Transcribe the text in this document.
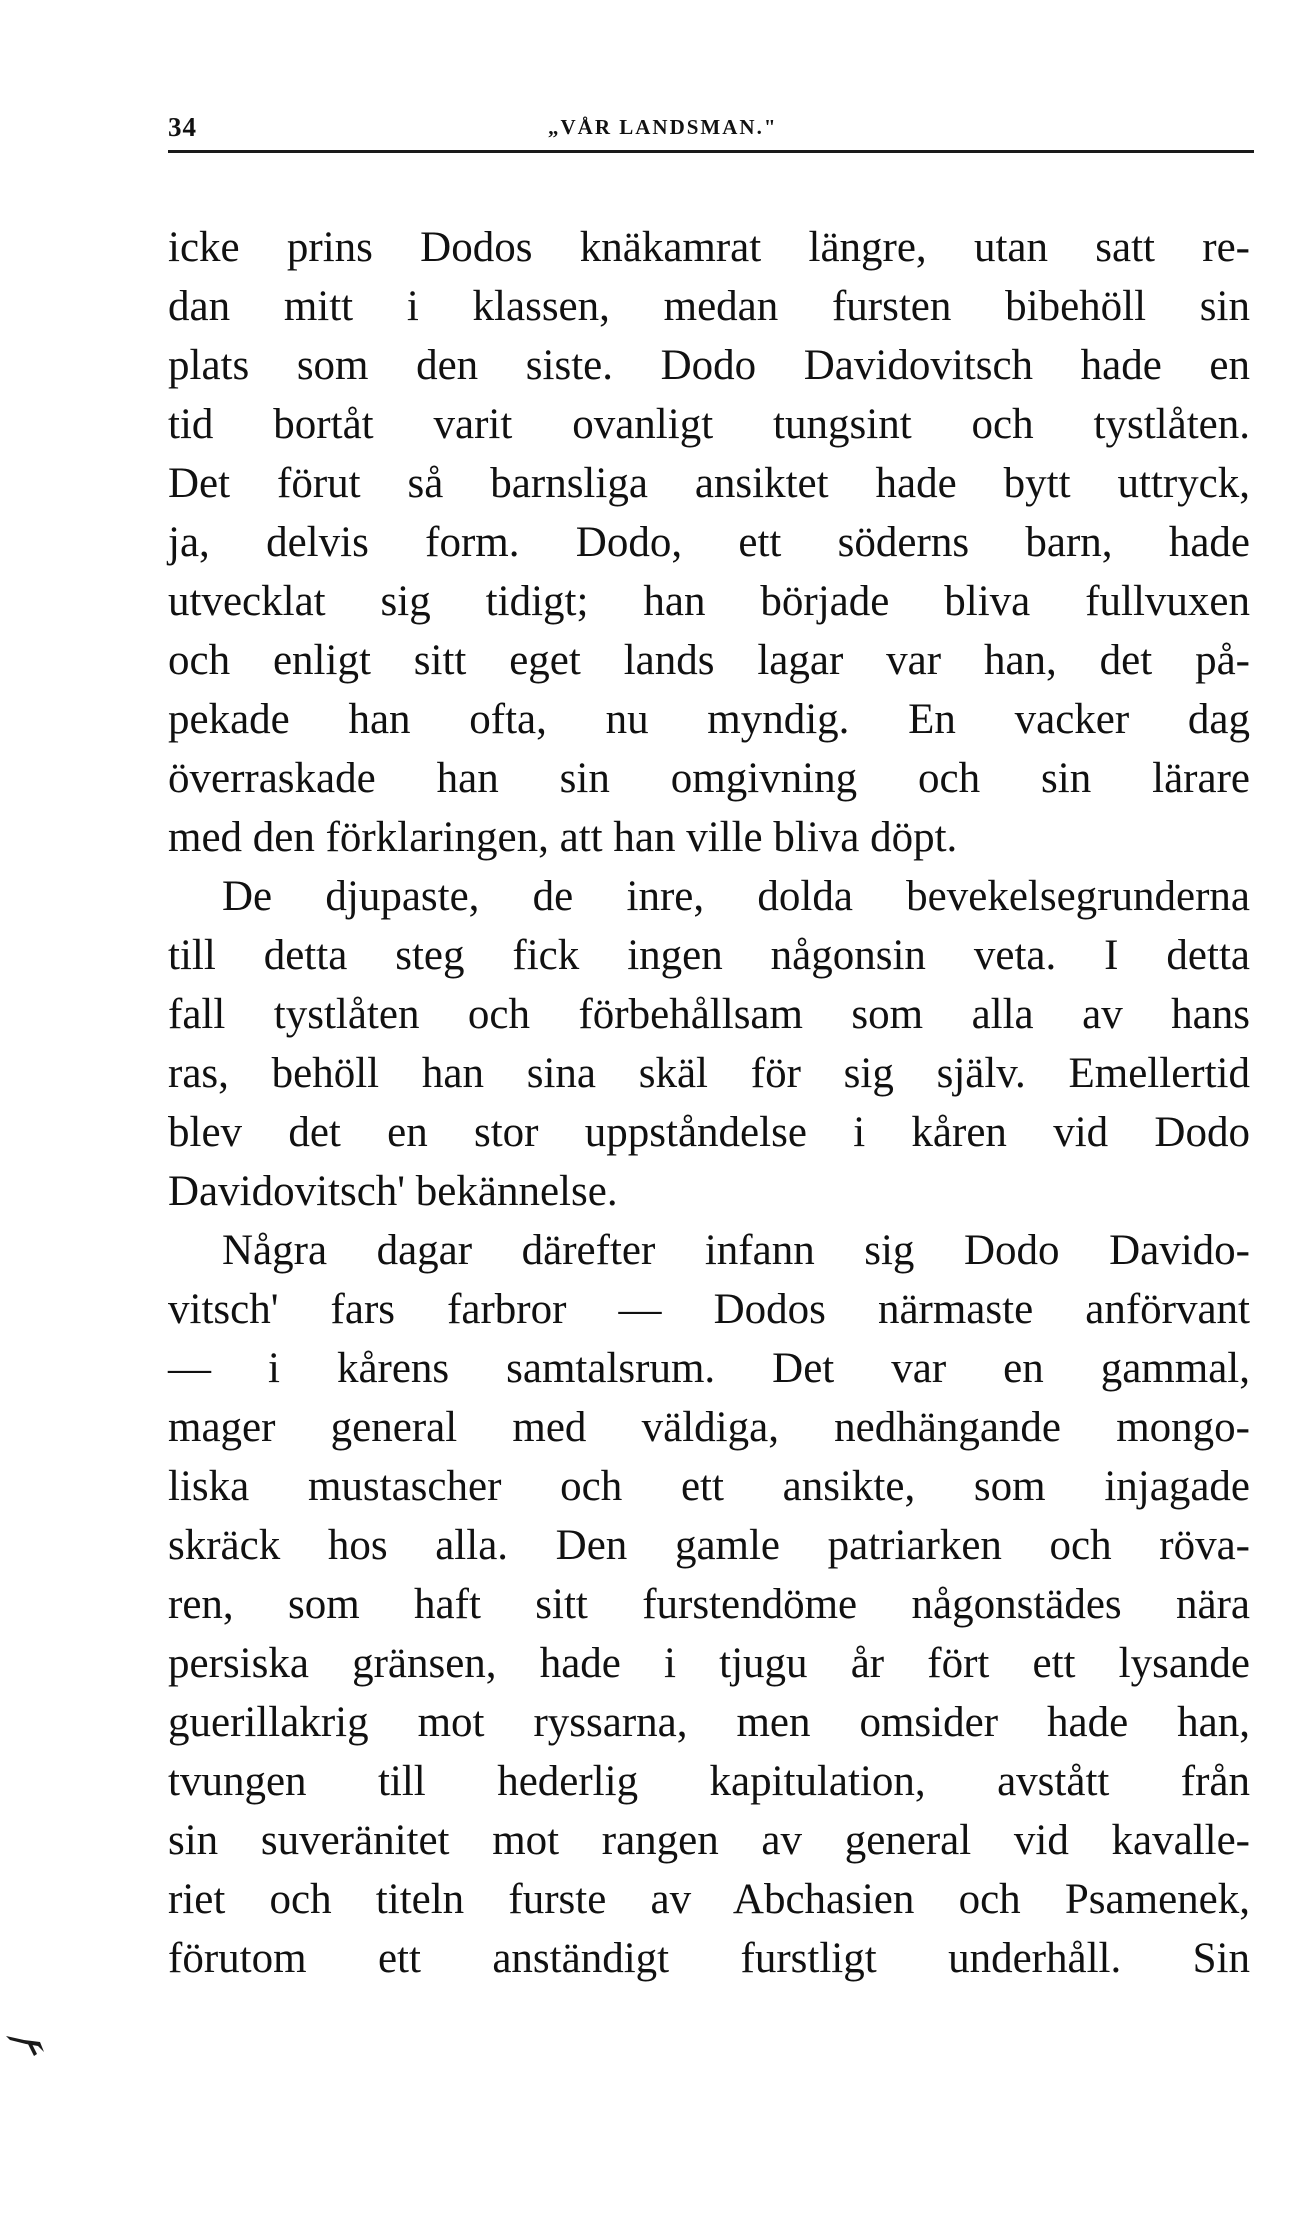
34	„VÅR LANDSMAN."
icke prins Dodos knäkamrat längre, utan satt re-
dan mitt i klassen, medan fursten bibehöll sin
plats som den siste. Dodo Davidovitsch hade en
tid bortåt varit ovanligt tungsint och tystlåten.
Det förut så barnsliga ansiktet hade bytt uttryck,
ja, delvis form. Dodo, ett söderns barn, hade
utvecklat sig tidigt; han började bliva fullvuxen
och enligt sitt eget lands lagar var han, det på-
pekade han ofta, nu myndig. En vacker dag
överraskade han sin omgivning och sin lärare
med den förklaringen, att han ville bliva döpt.
De djupaste, de inre, dolda bevekelsegrunderna
till detta steg fick ingen någonsin veta. I detta
fall tystlåten och förbehållsam som alla av hans
ras, behöll han sina skäl för sig själv. Emellertid
blev det en stor uppståndelse i kåren vid Dodo
Davidovitsch' bekännelse.
Några dagar därefter infann sig Dodo Davido-
vitsch' fars farbror — Dodos närmaste anförvant
— i kårens samtalsrum. Det var en gammal,
mager general med väldiga, nedhängande mongo-
liska mustascher och ett ansikte, som injagade
skräck hos alla. Den gamle patriarken och röva-
ren, som haft sitt furstendöme någonstädes nära
persiska gränsen, hade i tjugu år fört ett lysande
guerillakrig mot ryssarna, men omsider hade han,
tvungen till hederlig kapitulation, avstått från
sin suveränitet mot rangen av general vid kavalle-
riet och titeln furste av Abchasien och Psamenek,
förutom ett anständigt furstligt underhåll. Sin
